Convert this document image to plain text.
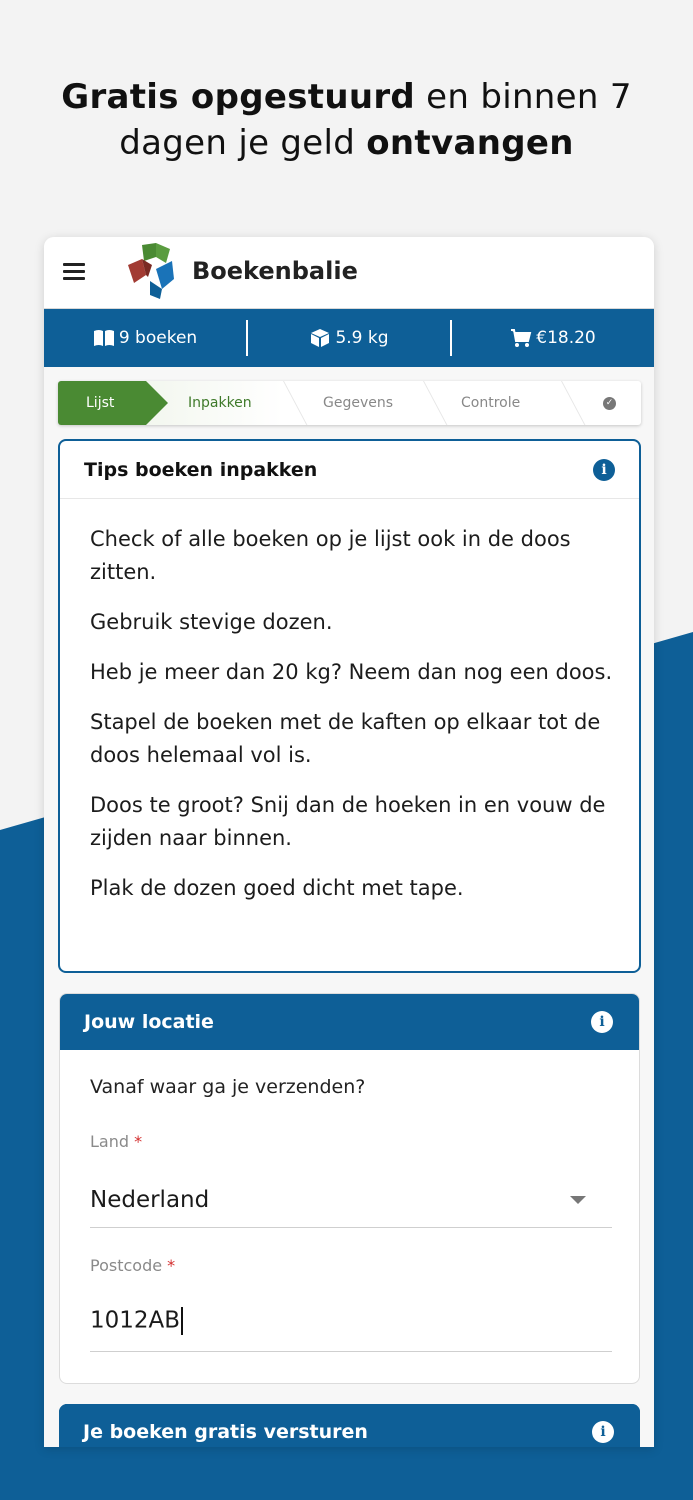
Gratis opgestuurd en binnen 7
dagen je geld ontvangen
Boekenbalie
9 boeken	5.9 kg	€18.20
Lijst	Inpakken	Gegevens	Controle	✓
Tips boeken inpakken	i

Check of alle boeken op je lijst ook in de doos zitten.

Gebruik stevige dozen.

Heb je meer dan 20 kg? Neem dan nog een doos.

Stapel de boeken met de kaften op elkaar tot de doos helemaal vol is.

Doos te groot? Snij dan de hoeken in en vouw de zijden naar binnen.

Plak de dozen goed dicht met tape.

Jouw locatie	i
Vanaf waar ga je verzenden?
Land *
Nederland
Postcode *
1012AB
Je boeken gratis versturen	i
